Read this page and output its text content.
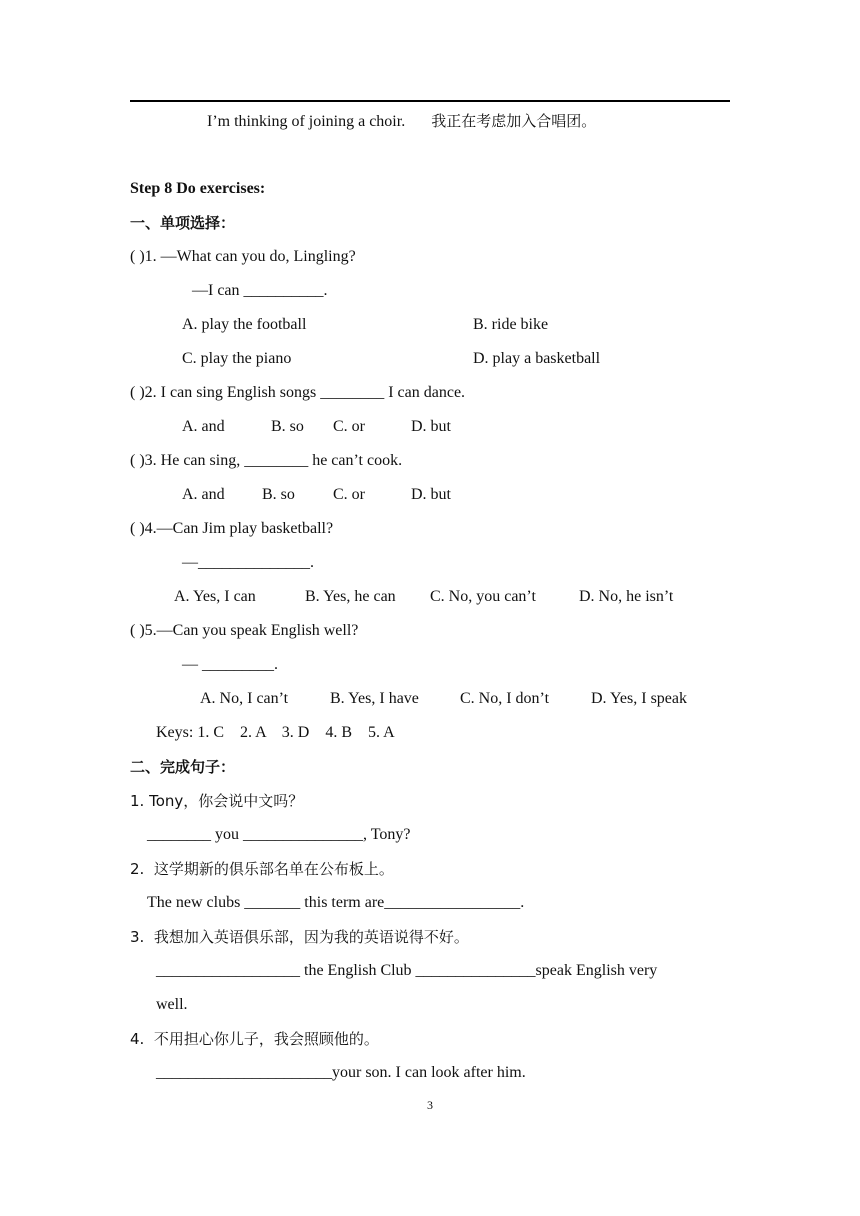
I’m thinking of joining a choir. 我正在考虑加入合唱团。
Step 8 Do exercises:
一、单项选择：
( )1. —What can you do, Lingling?
—I can __________.
A. play the football	B. ride bike
C. play the piano	D. play a basketball
( )2. I can sing English songs ________ I can dance.
A. and	B. so C. or	D. but
( )3. He can sing, ________ he can’t cook.
A. and B. so C. or	D. but
( )4.—Can Jim play basketball?
—______________.
A. Yes, I can	B. Yes, he can C. No, you can’t	D. No, he isn’t
( )5.—Can you speak English well?
— _________.
A. No, I can’t	B. Yes, I have	C. No, I don’t	D. Yes, I speak
Keys: 1. C    2. A    3. D    4. B    5. A
二、完成句子：
1. Tony，你会说中文吗？
________ you _______________, Tony?
2.  这学期新的俱乐部名单在公布板上。
The new clubs _______ this term are_________________.
3.  我想加入英语俱乐部，因为我的英语说得不好。
__________________ the English Club _______________speak English very
well.
4.  不用担心你儿子，我会照顾他的。
______________________your son. I can look after him.
3
